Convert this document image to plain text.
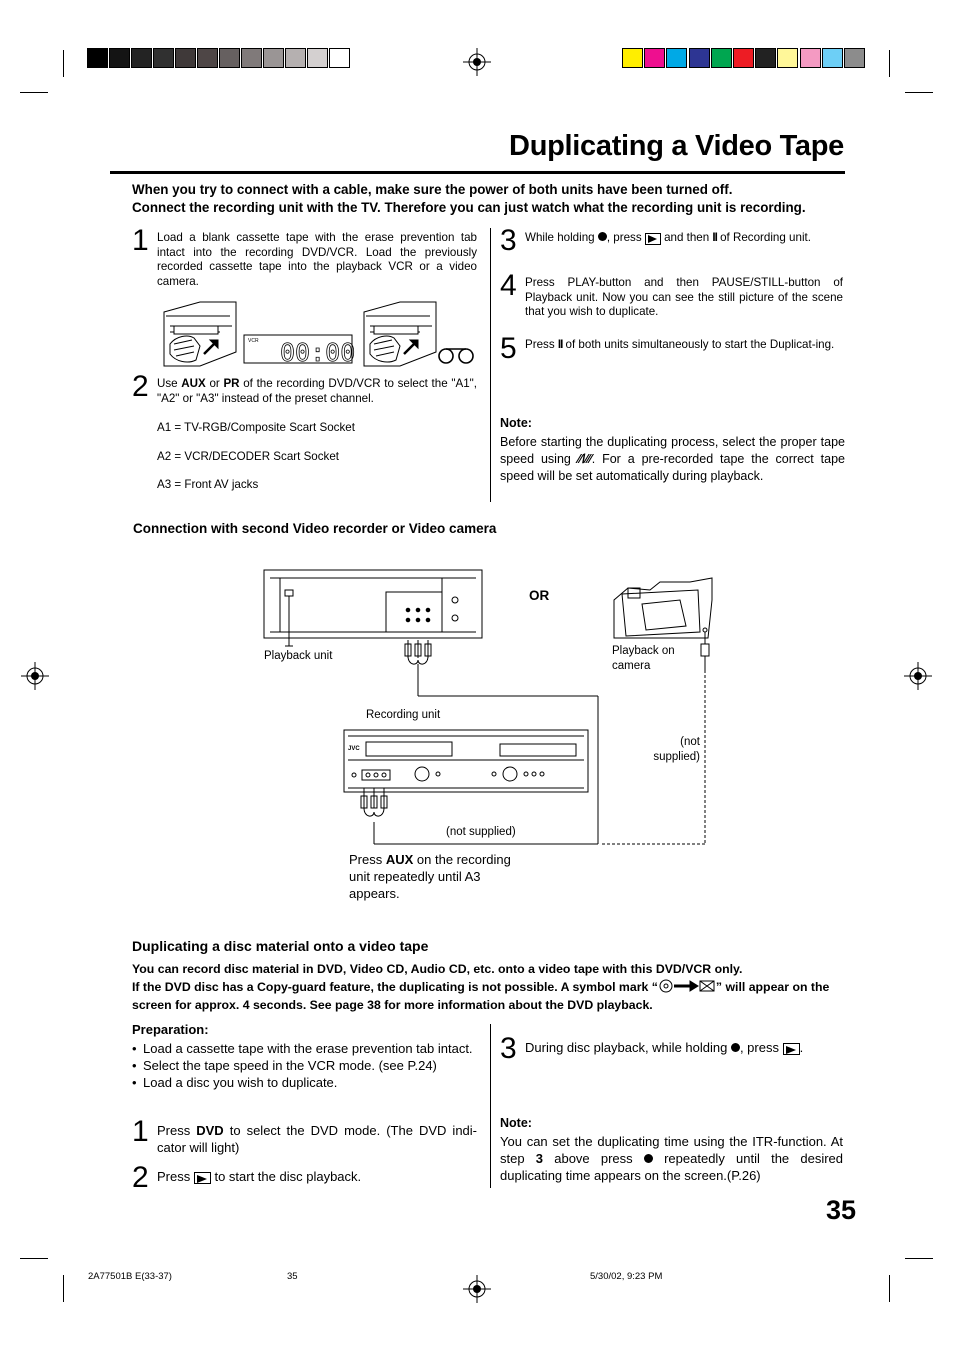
Duplicating a Video Tape
When you try to connect with a cable, make sure the power of both units have been turned off.
Connect the recording unit with the TV. Therefore you can just watch what the recording unit is recording.
1 Load a blank cassette tape with the erase prevention tab intact into the recording DVD/VCR. Load the previously recorded cassette tape into the playback VCR or a video camera.
VCR 00:00
2 Use AUX or PR of the recording DVD/VCR to select the "A1", "A2" or "A3" instead of the preset channel.
A1 = TV-RGB/Composite Scart Socket
A2 = VCR/DECODER Scart Socket
A3 = Front AV jacks
3 While holding , press  and then II of Recording unit.
4 Press PLAY-button and then PAUSE/STILL-button of Playback unit. Now you can see the still picture of the scene that you wish to duplicate.
5 Press II of both units simultaneously to start the Duplicat-ing.
Note:
Before starting the duplicating process, select the proper tape speed using ⁄⁄/⁄⁄⁄. For a pre-recorded tape the correct tape speed will be set automatically during playback.
Connection with second Video recorder or Video camera
JVC
OR
Playback unit	Playback on camera
Recording unit
(not supplied)
(not supplied)
Press AUX on the recording unit repeatedly until A3 appears.
Duplicating a disc material onto a video tape
You can record disc material in DVD, Video CD, Audio CD, etc. onto a video tape with this DVD/VCR only.
If the DVD disc has a Copy-guard feature, the duplicating is not possible. A symbol mark “	” will appear on the screen for approx. 4 seconds. See page 38 for more information about the DVD playback.
Preparation:
• Load a cassette tape with the erase prevention tab intact.
• Select the tape speed in the VCR mode. (see P.24)
• Load a disc you wish to duplicate.
1 Press DVD to select the DVD mode. (The DVD indi-cator will light)
2 Press  to start the disc playback.
3 During disc playback, while holding , press .
Note:
You can set the duplicating time using the ITR-function. At step 3 above press  repeatedly until the desired duplicating time appears on the screen.(P.26)
35
2A77501B E(33-37)	35	5/30/02, 9:23 PM
